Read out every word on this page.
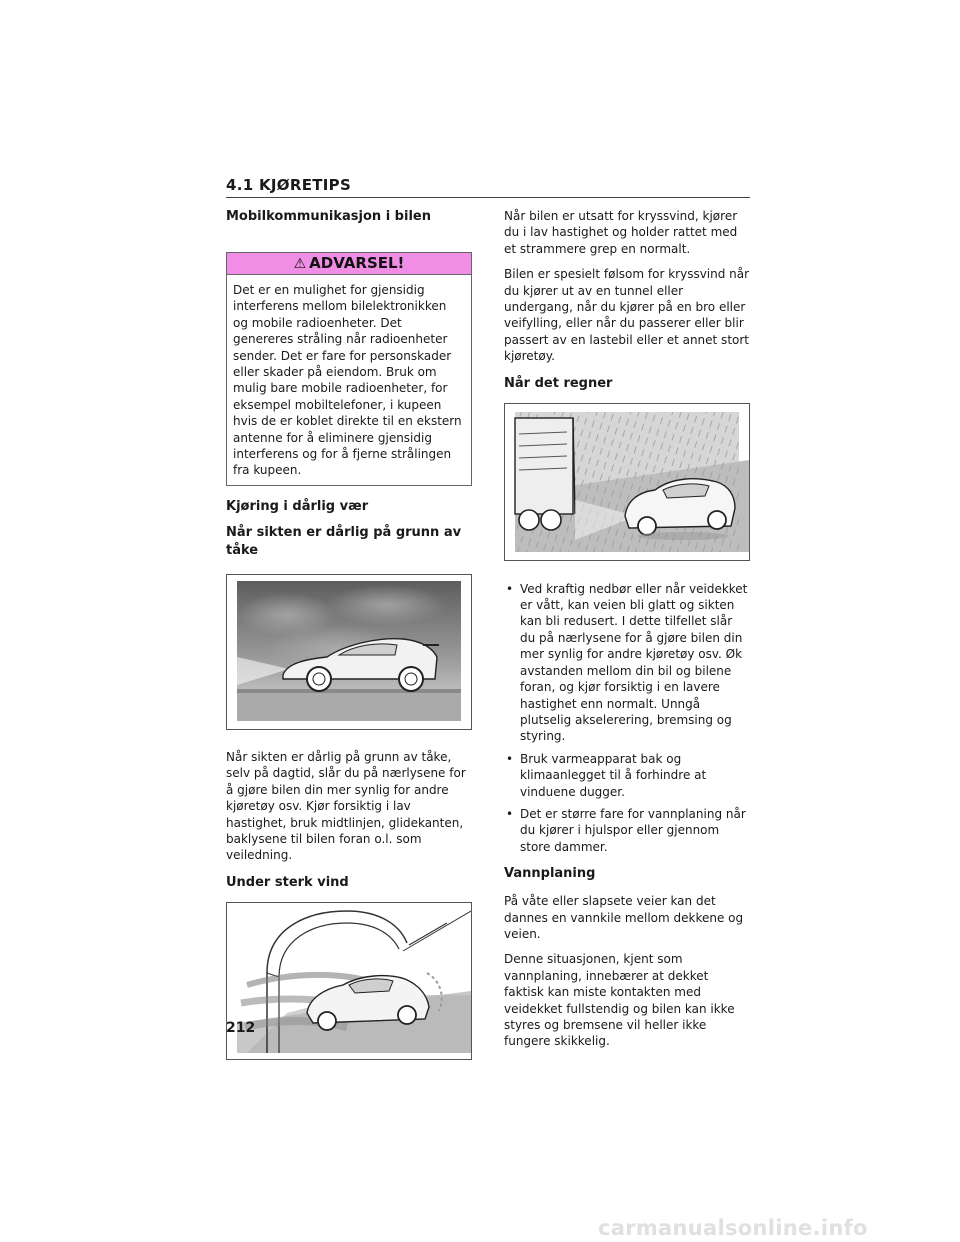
4.1 KJØRETIPS
Mobilkommunikasjon i bilen
⚠ ADVARSEL!
Det er en mulighet for gjensidig interferens mellom bilelektronikken og mobile radioenheter. Det genereres stråling når radioenheter sender. Det er fare for personskader eller skader på eiendom. Bruk om mulig bare mobile radioenheter, for eksempel mobiltelefoner, i kupeen hvis de er koblet direkte til en ekstern antenne for å eliminere gjensidig interferens og for å fjerne strålingen fra kupeen.
Kjøring i dårlig vær
Når sikten er dårlig på grunn av tåke

Når sikten er dårlig på grunn av tåke, selv på dagtid, slår du på nærlysene for å gjøre bilen din mer synlig for andre kjøretøy osv. Kjør forsiktig i lav hastighet, bruk midtlinjen, glidekanten, baklysene til bilen foran o.l. som veiledning.

Under sterk vind

Når bilen er utsatt for kryssvind, kjører du i lav hastighet og holder rattet med et strammere grep en normalt.

Bilen er spesielt følsom for kryssvind når du kjører ut av en tunnel eller undergang, når du kjører på en bro eller veifylling, eller når du passerer eller blir passert av en lastebil eller et annet stort kjøretøy.

Når det regner
• Ved kraftig nedbør eller når veidekket er vått, kan veien bli glatt og sikten kan bli redusert. I dette tilfellet slår du på nærlysene for å gjøre bilen din mer synlig for andre kjøretøy osv. Øk avstanden mellom din bil og bilene foran, og kjør forsiktig i en lavere hastighet enn normalt. Unngå plutselig akselerering, bremsing og styring.
• Bruk varmeapparat bak og klimaanlegget til å forhindre at vinduene dugger.
• Det er større fare for vannplaning når du kjører i hjulspor eller gjennom store dammer.
Vannplaning

På våte eller slapsete veier kan det dannes en vannkile mellom dekkene og veien.

Denne situasjonen, kjent som vannplaning, innebærer at dekket faktisk kan miste kontakten med veidekket fullstendig og bilen kan ikke styres og bremsene vil heller ikke fungere skikkelig.

212
carmanualsonline.info
